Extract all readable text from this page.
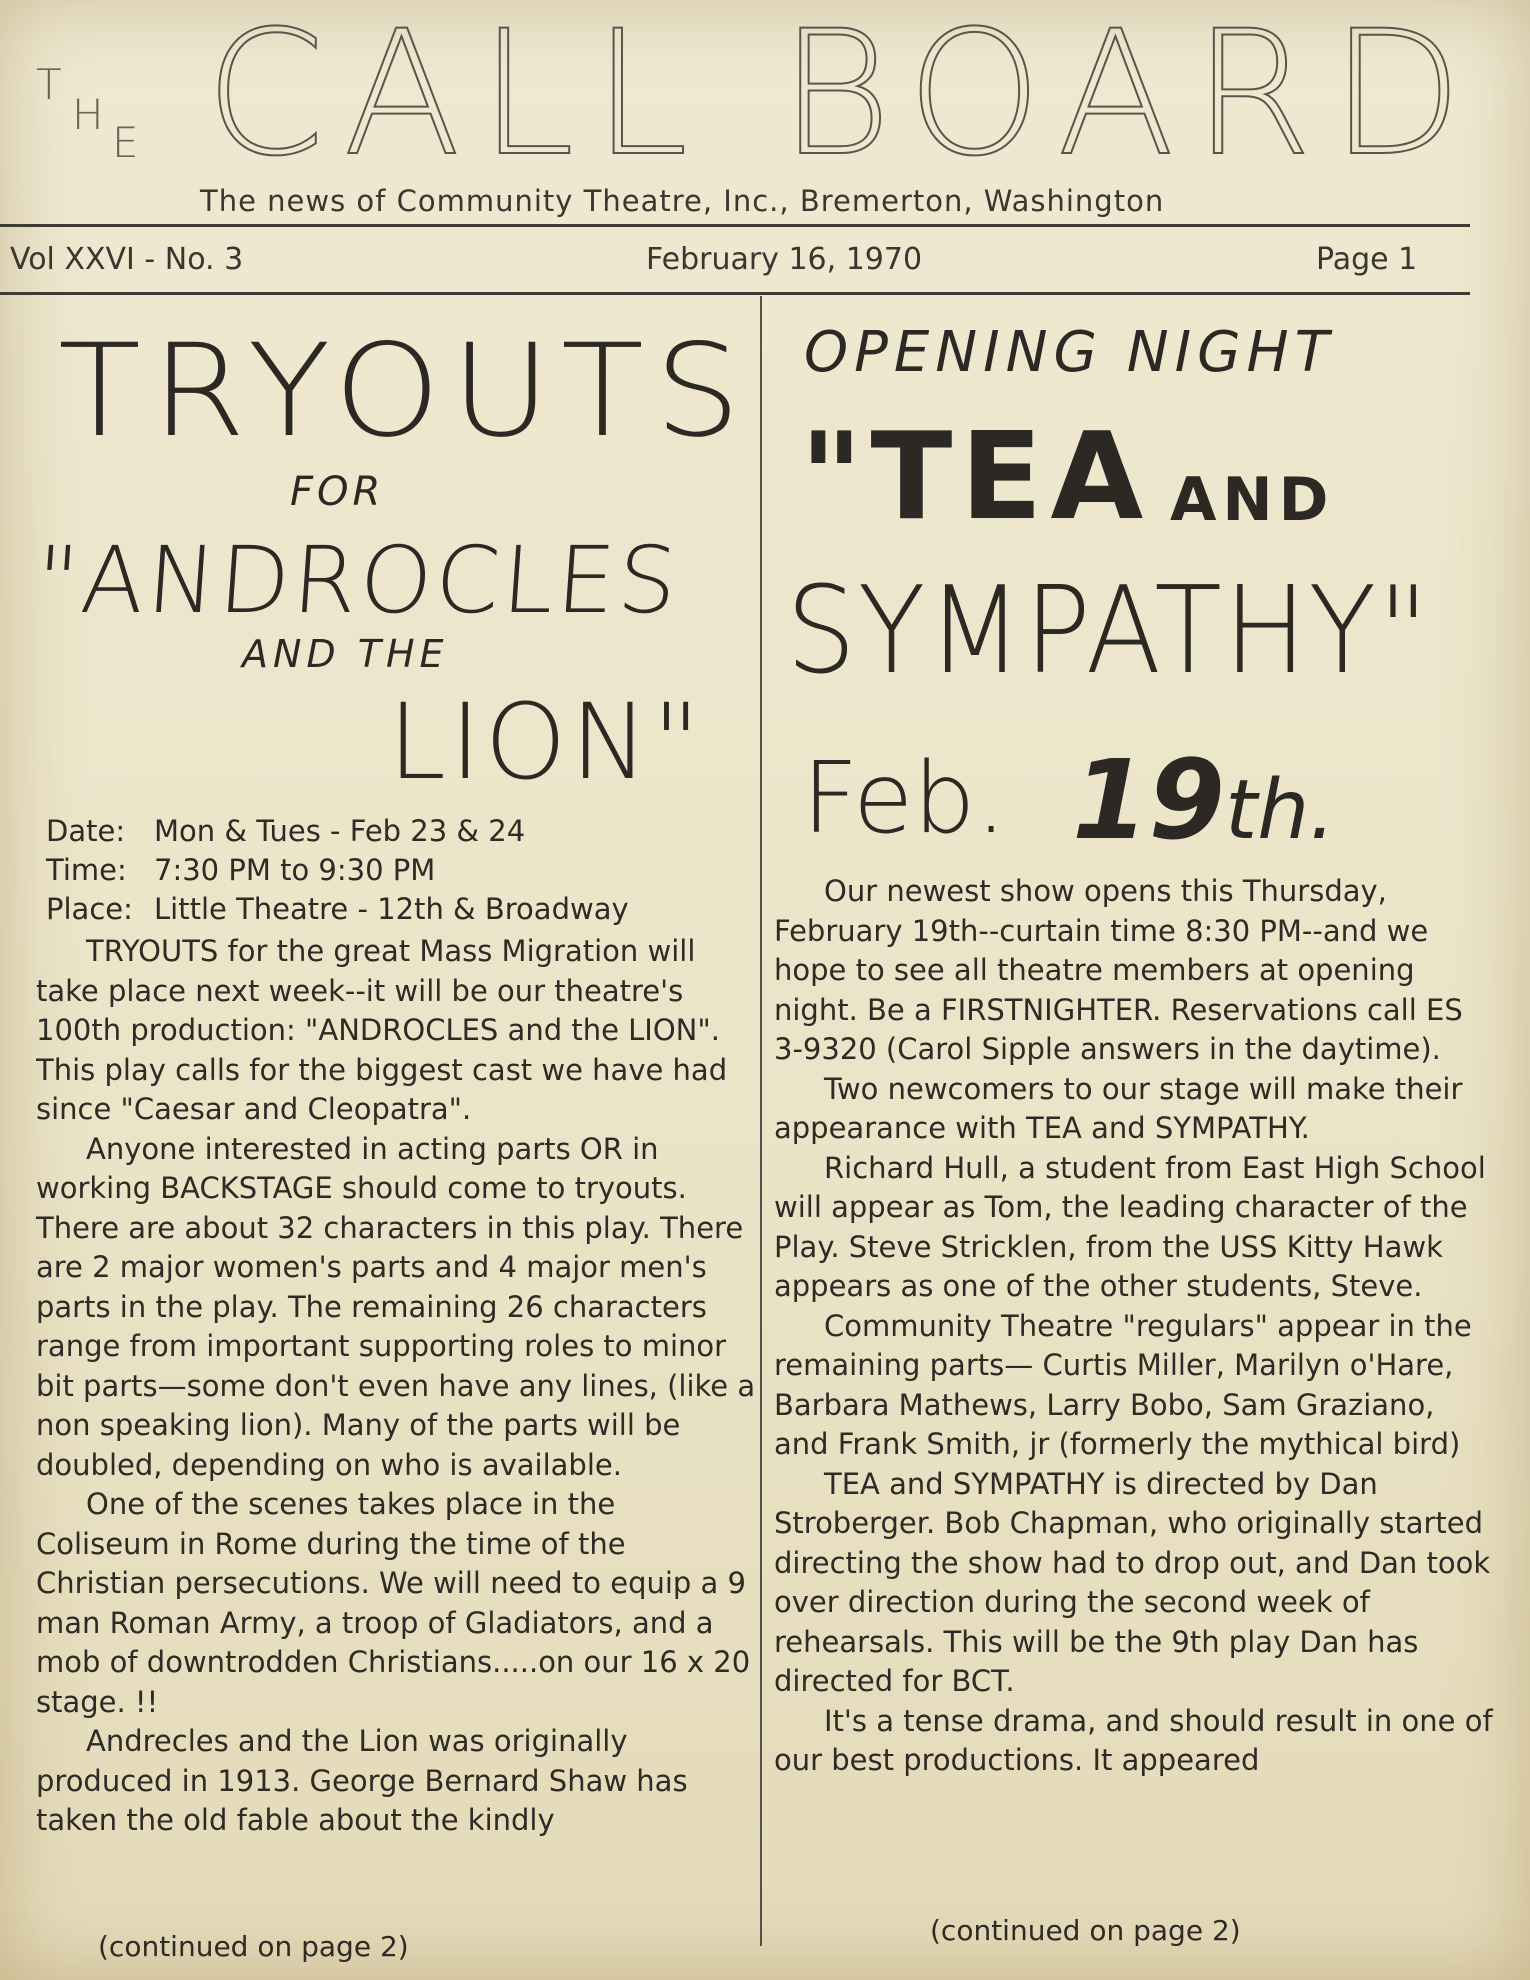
T
H
E CALL BOARD
The news of Community Theatre, Inc., Bremerton, Washington
Vol XXVI - No. 3	February 16, 1970	Page 1
TRYOUTS
FOR
"ANDROCLES
AND THE
LION"
Date: Mon & Tues - Feb 23 & 24
Time: 7:30 PM to 9:30 PM
Place: Little Theatre - 12th & Broadway

TRYOUTS for the great Mass Migration will take place next week--it will be our theatre's 100th production: "ANDROCLES and the LION". This play calls for the biggest cast we have had since "Caesar and Cleopatra".

Anyone interested in acting parts OR in working BACKSTAGE should come to tryouts. There are about 32 characters in this play. There are 2 major women's parts and 4 major men's parts in the play. The remaining 26 characters range from important supporting roles to minor bit parts—some don't even have any lines, (like a non speaking lion). Many of the parts will be doubled, depending on who is available.

One of the scenes takes place in the Coliseum in Rome during the time of the Christian persecutions. We will need to equip a 9 man Roman Army, a troop of Gladiators, and a mob of downtrodden Christians.....on our 16 x 20 stage. !!

Andrecles and the Lion was originally produced in 1913. George Bernard Shaw has taken the old fable about the kindly

(continued on page 2)
OPENING NIGHT
"TEA AND
SYMPATHY"
Feb. 19th.

Our newest show opens this Thursday, February 19th--curtain time 8:30 PM--and we hope to see all theatre members at opening night. Be a FIRSTNIGHTER. Reservations call ES 3-9320 (Carol Sipple answers in the daytime).

Two newcomers to our stage will make their appearance with TEA and SYMPATHY.

Richard Hull, a student from East High School will appear as Tom, the leading character of the Play. Steve Stricklen, from the USS Kitty Hawk appears as one of the other students, Steve.

Community Theatre "regulars" appear in the remaining parts— Curtis Miller, Marilyn o'Hare, Barbara Mathews, Larry Bobo, Sam Graziano, and Frank Smith, jr (formerly the mythical bird)

TEA and SYMPATHY is directed by Dan Stroberger. Bob Chapman, who originally started directing the show had to drop out, and Dan took over direction during the second week of rehearsals. This will be the 9th play Dan has directed for BCT.

It's a tense drama, and should result in one of our best productions. It appeared

(continued on page 2)
